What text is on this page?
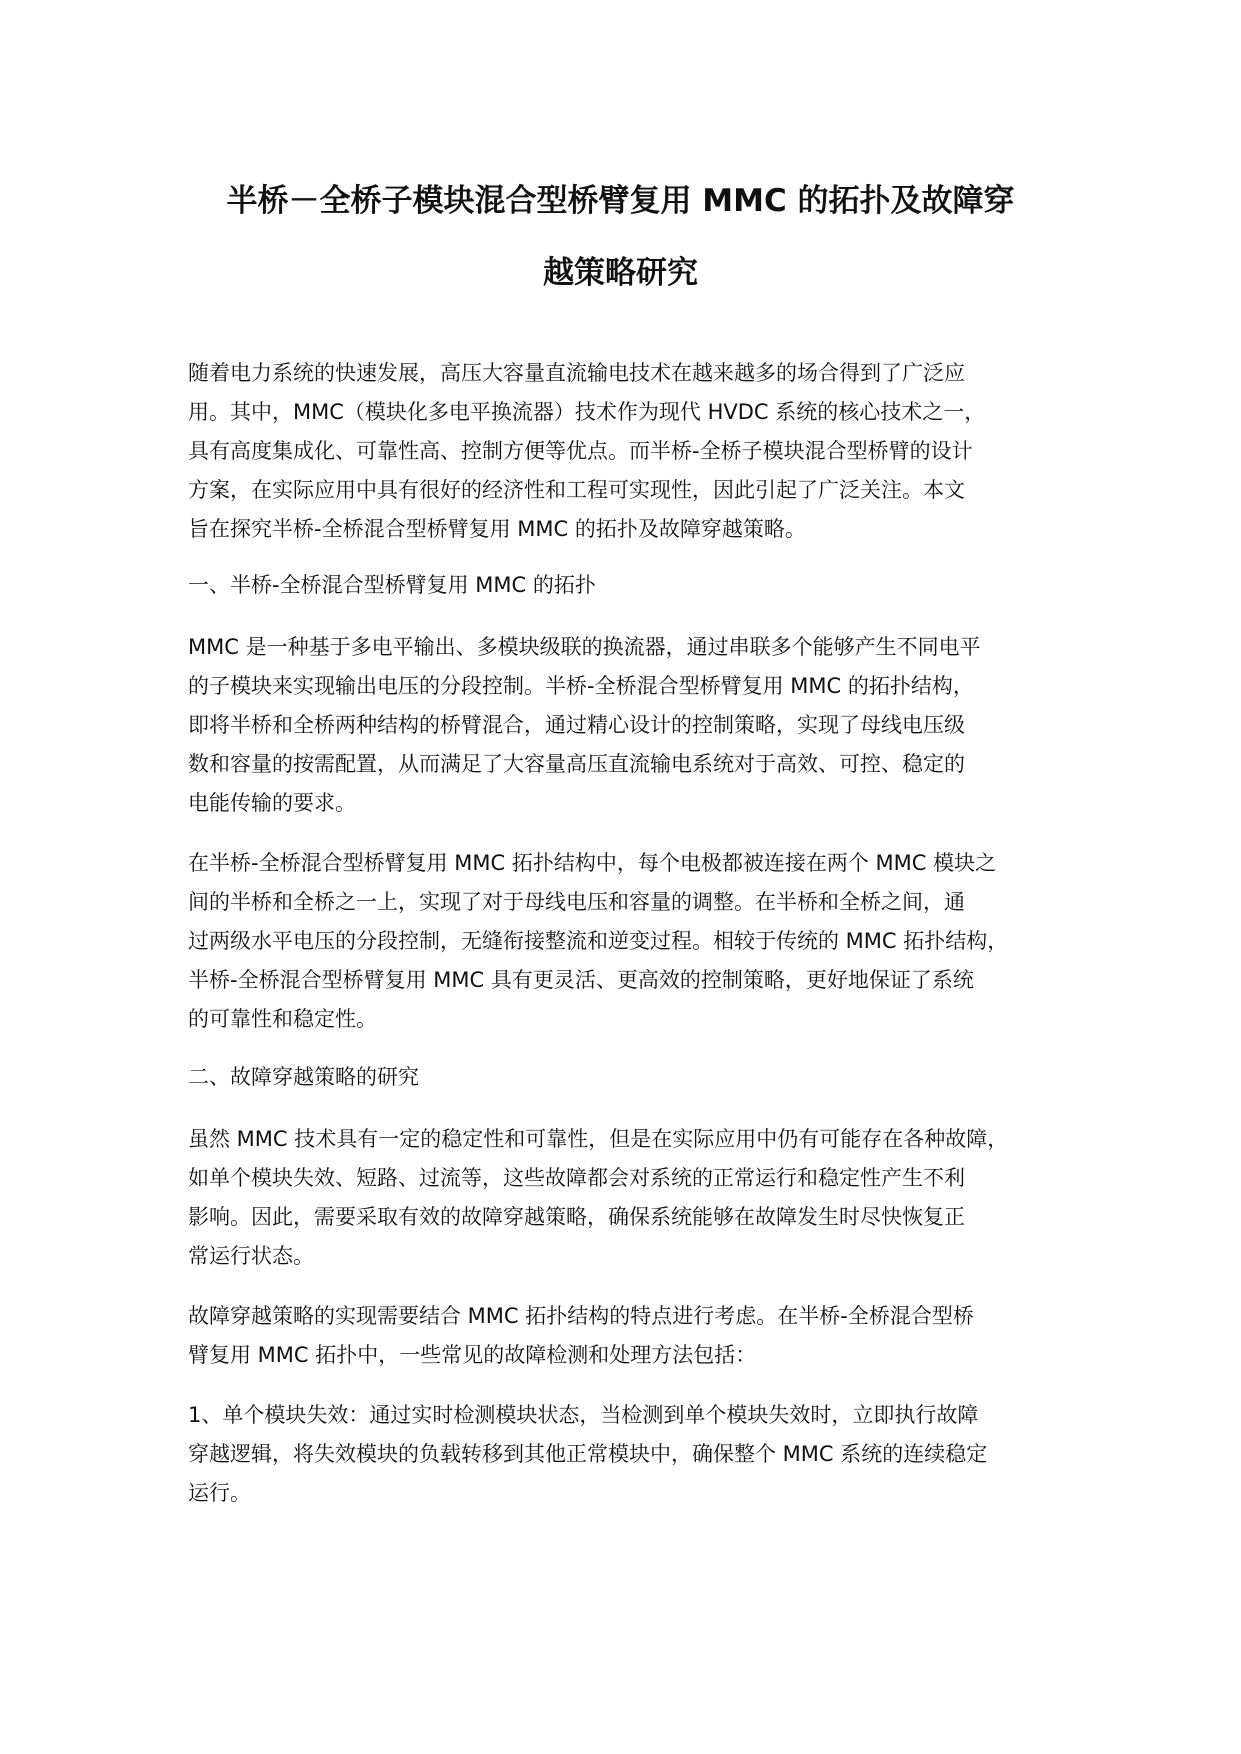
半桥－全桥子模块混合型桥臂复用 MMC 的拓扑及故障穿
越策略研究
随着电力系统的快速发展，高压大容量直流输电技术在越来越多的场合得到了广泛应
用。其中，MMC（模块化多电平换流器）技术作为现代 HVDC 系统的核心技术之一，
具有高度集成化、可靠性高、控制方便等优点。而半桥-全桥子模块混合型桥臂的设计
方案，在实际应用中具有很好的经济性和工程可实现性，因此引起了广泛关注。本文
旨在探究半桥-全桥混合型桥臂复用 MMC 的拓扑及故障穿越策略。
一、半桥-全桥混合型桥臂复用 MMC 的拓扑
MMC 是一种基于多电平输出、多模块级联的换流器，通过串联多个能够产生不同电平
的子模块来实现输出电压的分段控制。半桥-全桥混合型桥臂复用 MMC 的拓扑结构，
即将半桥和全桥两种结构的桥臂混合，通过精心设计的控制策略，实现了母线电压级
数和容量的按需配置，从而满足了大容量高压直流输电系统对于高效、可控、稳定的
电能传输的要求。
在半桥-全桥混合型桥臂复用 MMC 拓扑结构中，每个电极都被连接在两个 MMC 模块之
间的半桥和全桥之一上，实现了对于母线电压和容量的调整。在半桥和全桥之间，通
过两级水平电压的分段控制，无缝衔接整流和逆变过程。相较于传统的 MMC 拓扑结构，
半桥-全桥混合型桥臂复用 MMC 具有更灵活、更高效的控制策略，更好地保证了系统
的可靠性和稳定性。
二、故障穿越策略的研究
虽然 MMC 技术具有一定的稳定性和可靠性，但是在实际应用中仍有可能存在各种故障，
如单个模块失效、短路、过流等，这些故障都会对系统的正常运行和稳定性产生不利
影响。因此，需要采取有效的故障穿越策略，确保系统能够在故障发生时尽快恢复正
常运行状态。
故障穿越策略的实现需要结合 MMC 拓扑结构的特点进行考虑。在半桥-全桥混合型桥
臂复用 MMC 拓扑中，一些常见的故障检测和处理方法包括：
1、单个模块失效：通过实时检测模块状态，当检测到单个模块失效时，立即执行故障
穿越逻辑，将失效模块的负载转移到其他正常模块中，确保整个 MMC 系统的连续稳定
运行。
